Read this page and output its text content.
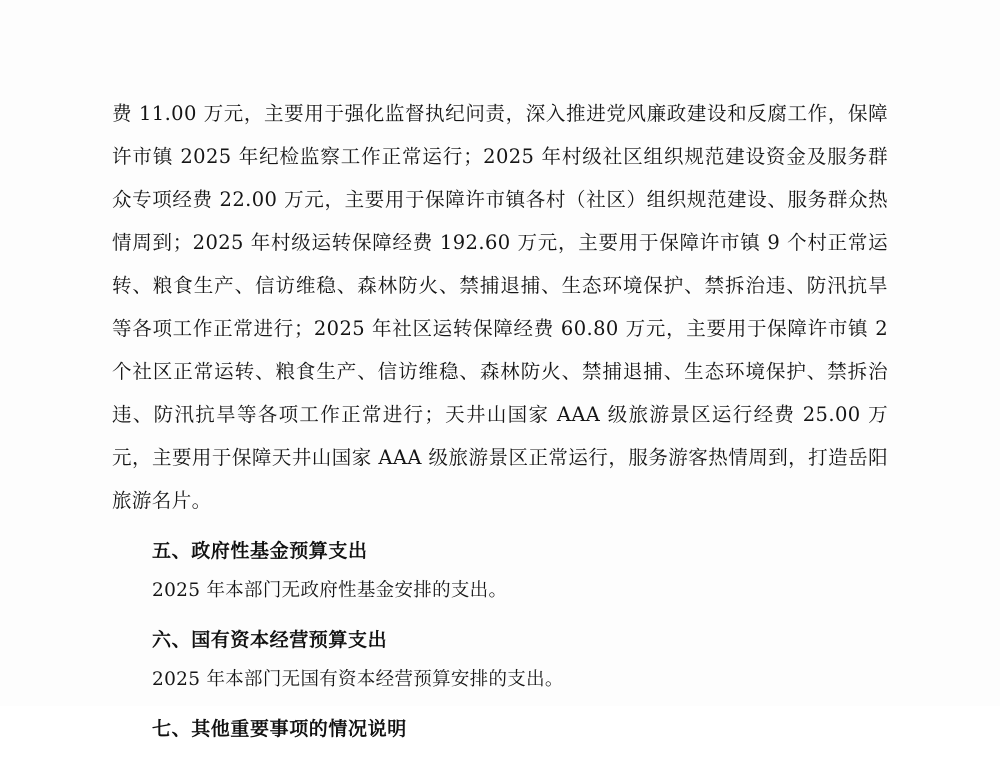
费 11.00 万元，主要用于强化监督执纪问责，深入推进党风廉政建设和反腐工作，保障许市镇 2025 年纪检监察工作正常运行；2025 年村级社区组织规范建设资金及服务群众专项经费 22.00 万元，主要用于保障许市镇各村（社区）组织规范建设、服务群众热情周到；2025 年村级运转保障经费 192.60 万元，主要用于保障许市镇 9 个村正常运转、粮食生产、信访维稳、森林防火、禁捕退捕、生态环境保护、禁拆治违、防汛抗旱等各项工作正常进行；2025 年社区运转保障经费 60.80 万元，主要用于保障许市镇 2 个社区正常运转、粮食生产、信访维稳、森林防火、禁捕退捕、生态环境保护、禁拆治违、防汛抗旱等各项工作正常进行；天井山国家 AAA 级旅游景区运行经费 25.00 万元，主要用于保障天井山国家 AAA 级旅游景区正常运行，服务游客热情周到，打造岳阳旅游名片。

五、政府性基金预算支出

2025 年本部门无政府性基金安排的支出。

六、国有资本经营预算支出

2025 年本部门无国有资本经营预算安排的支出。

七、其他重要事项的情况说明
